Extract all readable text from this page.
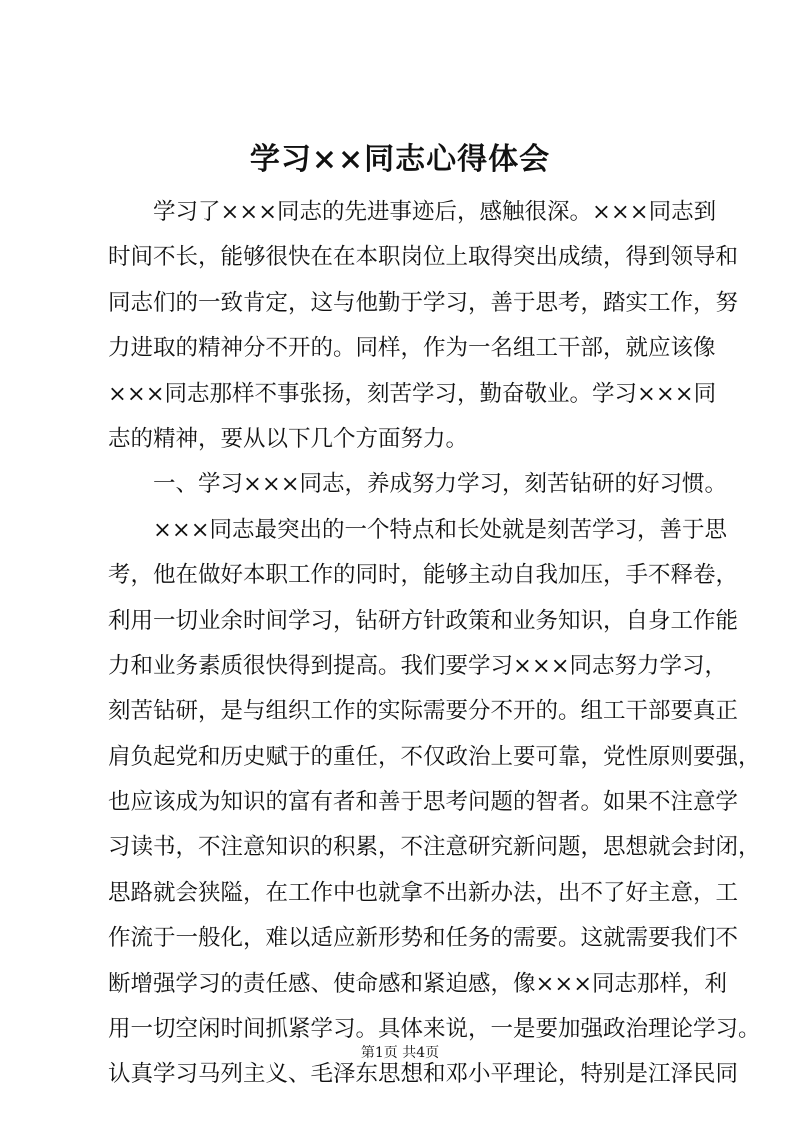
学习××同志心得体会
学习了×××同志的先进事迹后，感触很深。×××同志到
时间不长，能够很快在在本职岗位上取得突出成绩，得到领导和
同志们的一致肯定，这与他勤于学习，善于思考，踏实工作，努
力进取的精神分不开的。同样，作为一名组工干部，就应该像
×××同志那样不事张扬，刻苦学习，勤奋敬业。学习×××同
志的精神，要从以下几个方面努力。
一、学习×××同志，养成努力学习，刻苦钻研的好习惯。
×××同志最突出的一个特点和长处就是刻苦学习，善于思
考，他在做好本职工作的同时，能够主动自我加压，手不释卷，
利用一切业余时间学习，钻研方针政策和业务知识，自身工作能
力和业务素质很快得到提高。我们要学习×××同志努力学习，
刻苦钻研，是与组织工作的实际需要分不开的。组工干部要真正
肩负起党和历史赋于的重任，不仅政治上要可靠，党性原则要强，
也应该成为知识的富有者和善于思考问题的智者。如果不注意学
习读书，不注意知识的积累，不注意研究新问题，思想就会封闭，
思路就会狭隘，在工作中也就拿不出新办法，出不了好主意，工
作流于一般化，难以适应新形势和任务的需要。这就需要我们不
断增强学习的责任感、使命感和紧迫感，像×××同志那样，利
用一切空闲时间抓紧学习。具体来说，一是要加强政治理论学习。
认真学习马列主义、毛泽东思想和邓小平理论，特别是江泽民同
第1页 共4页
